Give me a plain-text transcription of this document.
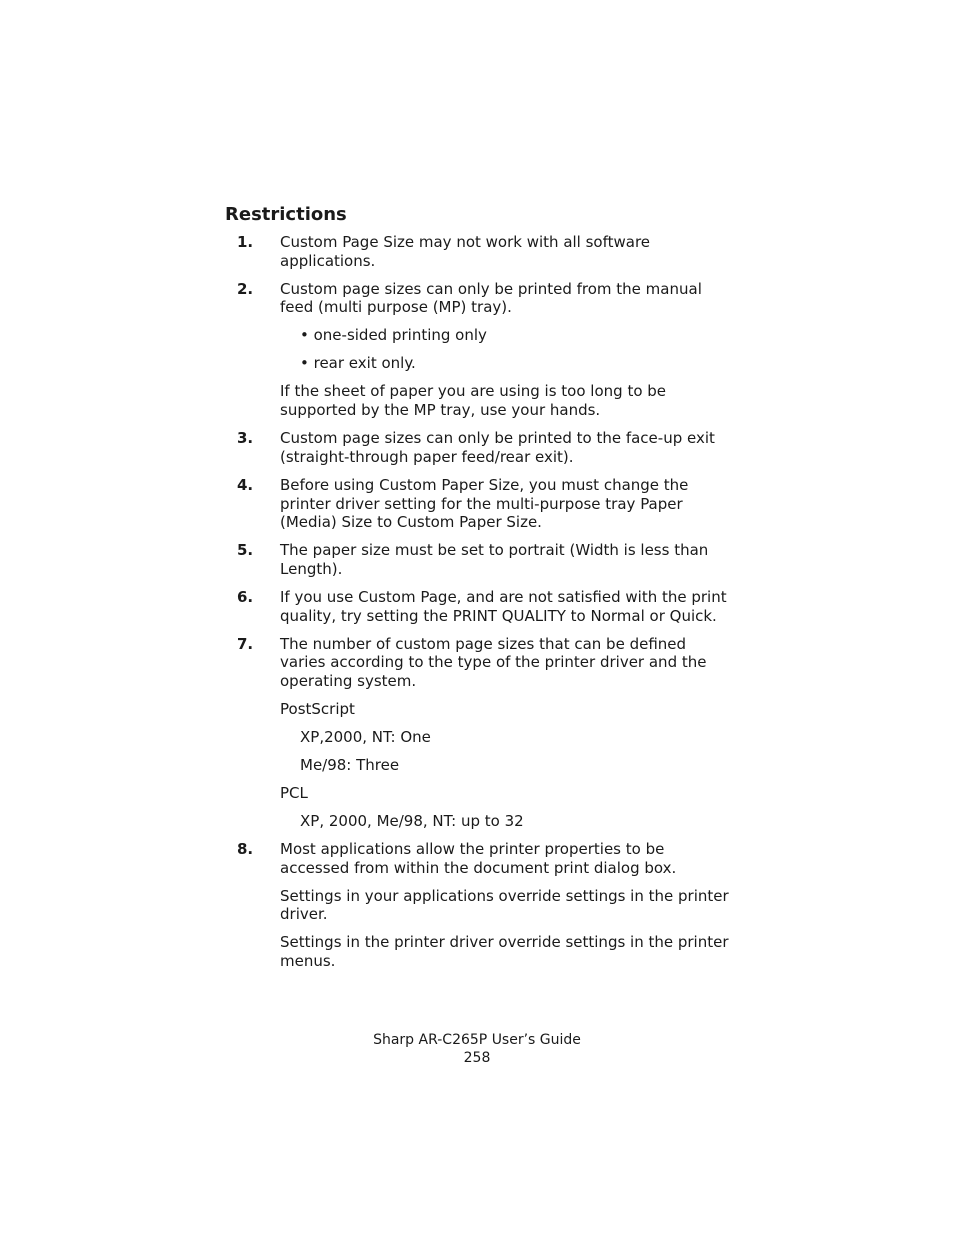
Restrictions
1. Custom Page Size may not work with all software applications.

2. Custom page sizes can only be printed from the manual feed (multi purpose (MP) tray).

• one-sided printing only

• rear exit only.

If the sheet of paper you are using is too long to be supported by the MP tray, use your hands.

3. Custom page sizes can only be printed to the face-up exit (straight-through paper feed/rear exit).

4. Before using Custom Paper Size, you must change the printer driver setting for the multi-purpose tray Paper (Media) Size to Custom Paper Size.

5. The paper size must be set to portrait (Width is less than Length).

6. If you use Custom Page, and are not satisfied with the print quality, try setting the PRINT QUALITY to Normal or Quick.

7. The number of custom page sizes that can be defined varies according to the type of the printer driver and the operating system.

PostScript

XP,2000, NT: One

Me/98: Three

PCL

XP, 2000, Me/98, NT: up to 32

8. Most applications allow the printer properties to be accessed from within the document print dialog box.

Settings in your applications override settings in the printer driver.

Settings in the printer driver override settings in the printer menus.

Sharp AR-C265P User’s Guide
258
